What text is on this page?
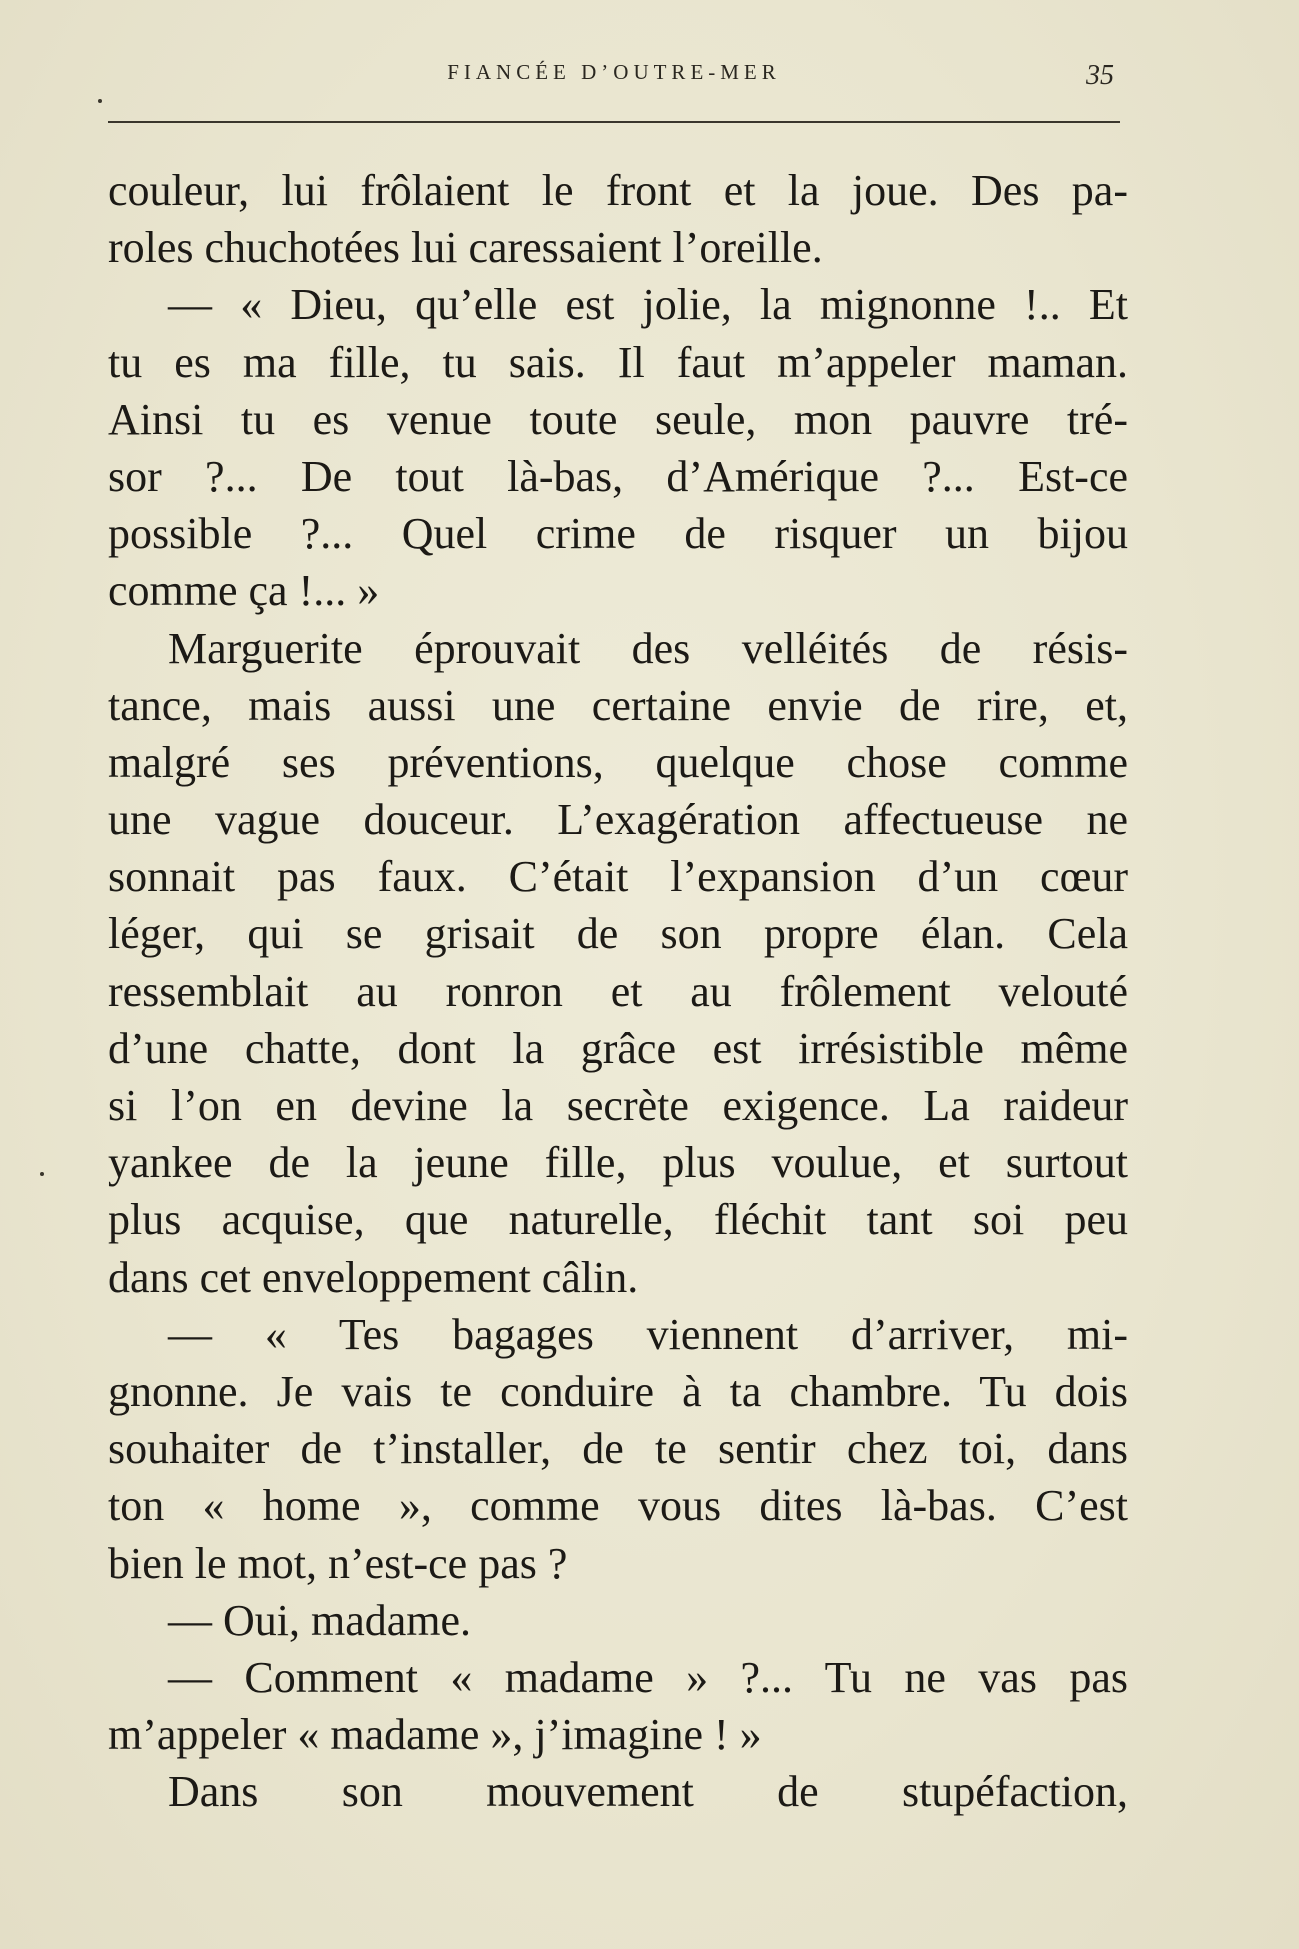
FIANCÉE D’OUTRE-MER	35
couleur, lui frôlaient le front et la joue. Des pa-
roles chuchotées lui caressaient l’oreille.
— « Dieu, qu’elle est jolie, la mignonne !.. Et
tu es ma fille, tu sais. Il faut m’appeler maman.
Ainsi tu es venue toute seule, mon pauvre tré-
sor ?... De tout là-bas, d’Amérique ?... Est-ce
possible ?... Quel crime de risquer un bijou
comme ça !... »
Marguerite éprouvait des velléités de résis-
tance, mais aussi une certaine envie de rire, et,
malgré ses préventions, quelque chose comme
une vague douceur. L’exagération affectueuse ne
sonnait pas faux. C’était l’expansion d’un cœur
léger, qui se grisait de son propre élan. Cela
ressemblait au ronron et au frôlement velouté
d’une chatte, dont la grâce est irrésistible même
si l’on en devine la secrète exigence. La raideur
yankee de la jeune fille, plus voulue, et surtout
plus acquise, que naturelle, fléchit tant soi peu
dans cet enveloppement câlin.
— « Tes bagages viennent d’arriver, mi-
gnonne. Je vais te conduire à ta chambre. Tu dois
souhaiter de t’installer, de te sentir chez toi, dans
ton « home », comme vous dites là-bas. C’est
bien le mot, n’est-ce pas ?
— Oui, madame.
— Comment « madame » ?... Tu ne vas pas
m’appeler « madame », j’imagine ! »
Dans son mouvement de stupéfaction,
